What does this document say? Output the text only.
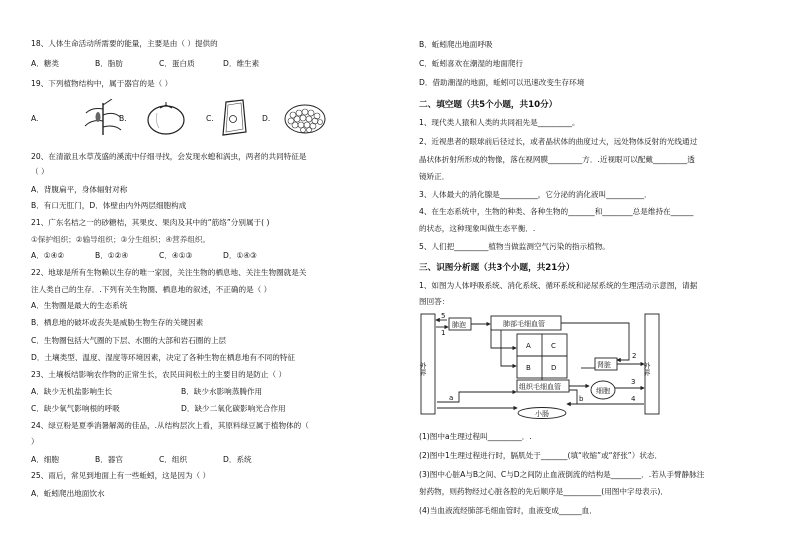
18、人体生命活动所需要的能量，主要是由（ ）提供的
A．糖类	B．脂肪	C．蛋白质	D．维生素
19、下列植物结构中，属于器官的是（ ）
A.	B.	C.	D.
20、在清澈且水草茂盛的溪流中仔细寻找，会发现水螅和涡虫，两者的共同特征是
（ ）
A．背腹扁平，身体辐射对称
B．有口无肛门，D．体壁由内外两层细胞构成
21、广东名桔之一的砂糖桔，其果皮、果肉及其中的“筋络”分别属于( )
①保护组织；②输导组织；③分生组织；④营养组织。
A．①④②	B．①②④	C．④①③	D．①④③
22、地球是所有生物赖以生存的唯一家园，关注生物的栖息地、关注生物圈就是关
注人类自己的生存．.下列有关生物圈、栖息地的叙述，不正确的是（ ）
A．生物圈是最大的生态系统
B．栖息地的破坏或丧失是威胁生物生存的关键因素
C．生物圈包括大气圈的下层、水圈的大部和岩石圈的上层
D．土壤类型、温度、湿度等环境因素，决定了各种生物在栖息地有不同的特征
23、土壤板结影响农作物的正常生长，农民田间松土的主要目的是防止（ ）
A．缺少无机盐影响生长	B．缺少水影响蒸腾作用
C．缺少氧气影响根的呼吸	D．缺少二氧化碳影响光合作用
24、绿豆粉是夏季消暑解渴的佳品，.从结构层次上看，其原料绿豆属于植物体的（
）
A．细胞	B．器官	C．组织	D．系统
25、雨后，常见到地面上有一些蚯蚓，这是因为（ ）
A．蚯蚓爬出地面饮水
B．蚯蚓爬出地面呼吸
C．蚯蚓喜欢在潮湿的地面爬行
D．借助潮湿的地面，蚯蚓可以迅速改变生存环境
二、填空题（共5个小题，共10分）
1、现代类人猿和人类的共同祖先是_________。
2、近视患者的眼球前后径过长，或者晶状体的曲度过大，远处物体反射的光线通过
晶状体折射所形成的物像，落在视网膜_________方．.近视眼可以配戴_________透
镜矫正．
3、人体最大的消化腺是__________，它分泌的消化液叫__________．
4、在生态系统中，生物的种类、各种生物的_______和________总是维持在______
的状态，这种现象叫做生态平衡．.
5、人们把_________植物当做监测空气污染的指示植物。
三、识图分析题（共3个小题，共21分）
1、如图为人体呼吸系统、消化系统、循环系统和泌尿系统的生理活动示意图，请据
图回答：
外界	外界
肺泡	肺部毛细血管
A	C
B	D
组织毛细血管
肾脏
细胞
小肠
5
1
2
3
4
a	b
(1)图中a生理过程叫_________．.
(2)图中1生理过程进行时，膈肌处于_______(填“收缩”或“舒张”）状态．
(3)图中心脏A与B之间、C与D之间防止血液倒流的结构是________．.若从手臂静脉注
射药物，则药物经过心脏各腔的先后顺序是__________(用图中字母表示)．
(4)当血液流经肺部毛细血管时，血液变成______血．
